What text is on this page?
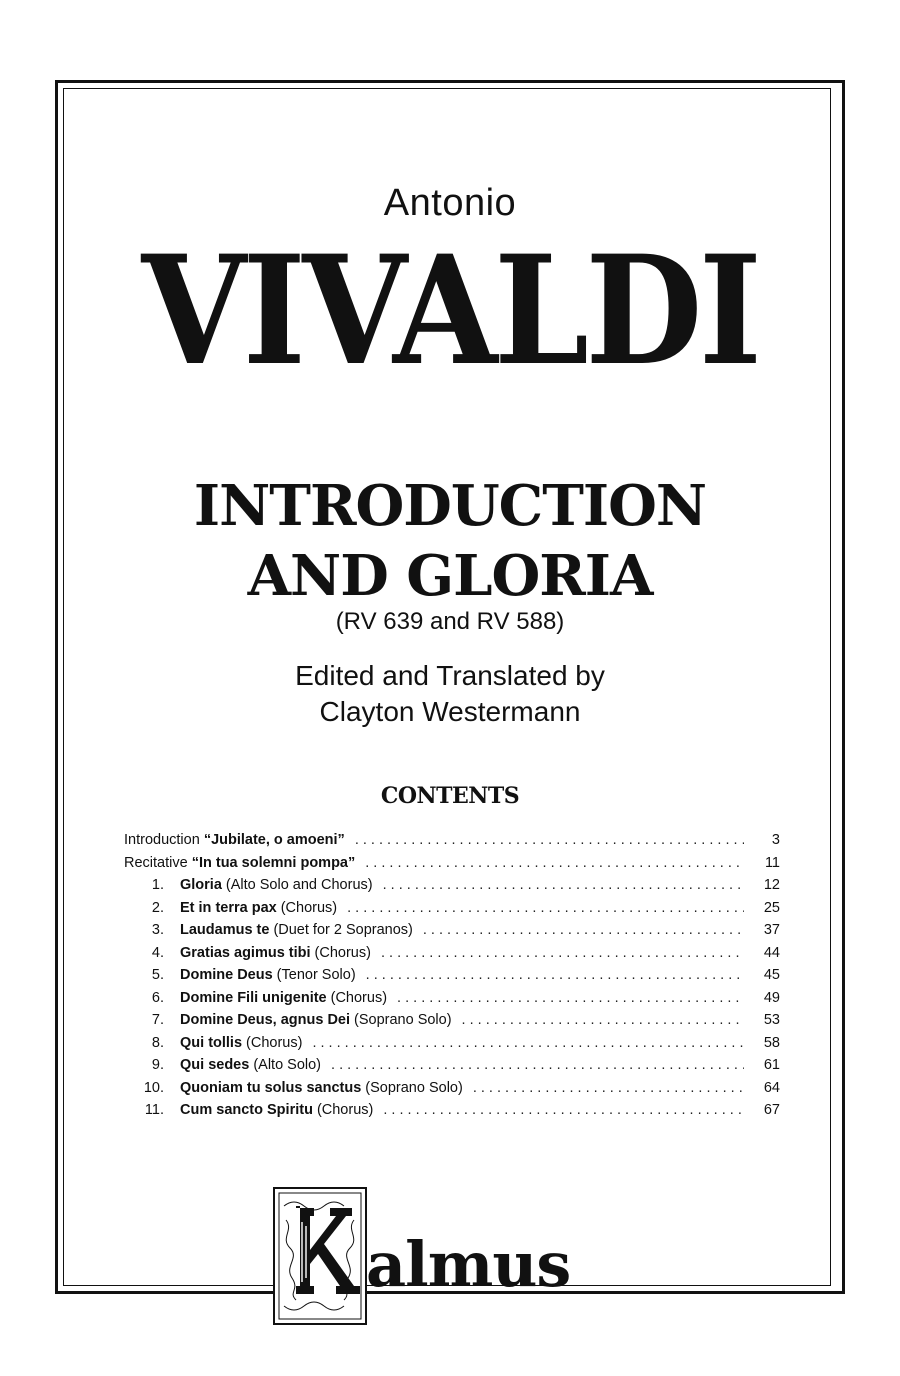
Antonio
VIVALDI
INTRODUCTION
AND GLORIA
(RV 639 and RV 588)
Edited and Translated by
Clayton Westermann
CONTENTS
Introduction “Jubilate, o amoeni” . . .	3
Recitative “In tua solemni pompa” . . .	11
1. Gloria (Alto Solo and Chorus) . . .	12
2. Et in terra pax (Chorus) . . .	25
3. Laudamus te (Duet for 2 Sopranos) . . .	37
4. Gratias agimus tibi (Chorus) . . .	44
5. Domine Deus (Tenor Solo) . . .	45
6. Domine Fili unigenite (Chorus) . . .	49
7. Domine Deus, agnus Dei (Soprano Solo) . . .	53
8. Qui tollis (Chorus) . . .	58
9. Qui sedes (Alto Solo) . . .	61
10. Quoniam tu solus sanctus (Soprano Solo) . . .	64
11. Cum sancto Spiritu (Chorus) . . .	67
almus
